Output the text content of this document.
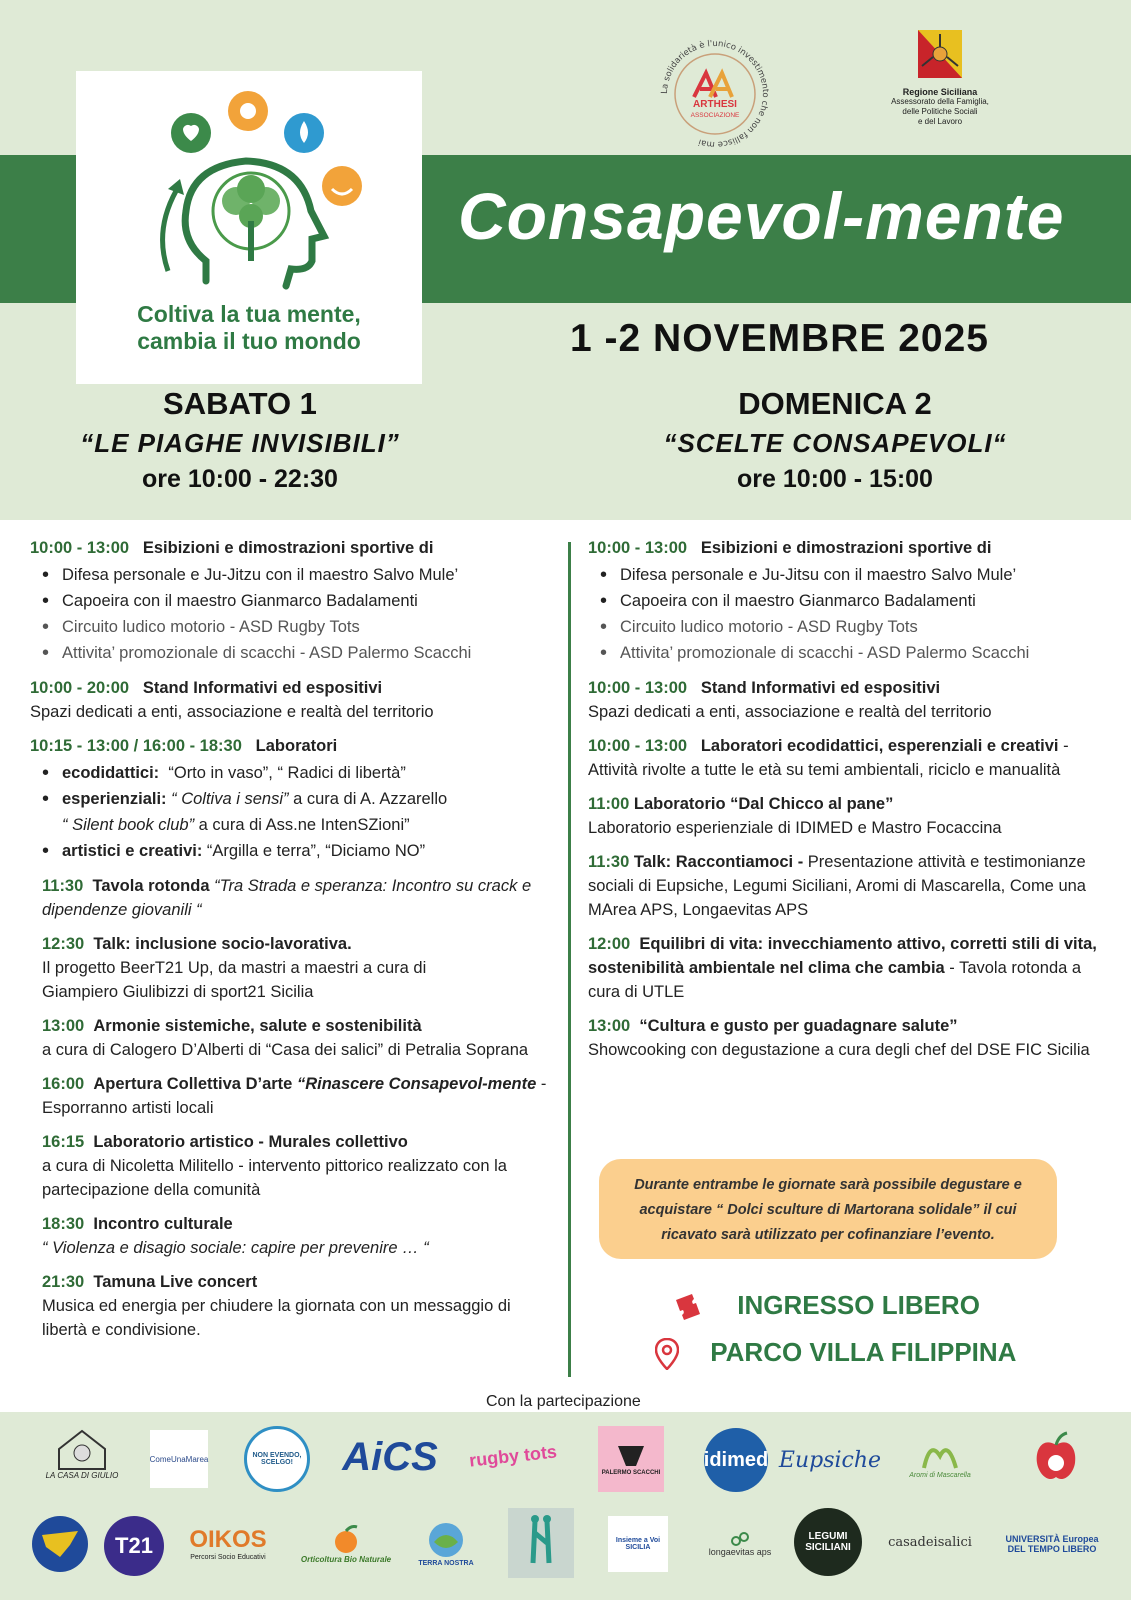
Consapevol-mente
Coltiva la tua mente,
cambia il tuo mondo
La solidarietà è l'unico investimento che non fallisce mai
ARTHESI
ASSOCIAZIONE
Regione Siciliana
Assessorato della Famiglia,
delle Politiche Sociali
e del Lavoro
1 -2 NOVEMBRE 2025
SABATO 1
“LE PIAGHE INVISIBILI”
ore 10:00 - 22:30
DOMENICA 2
“SCELTE CONSAPEVOLI“
ore 10:00 - 15:00
10:00 - 13:00 Esibizioni e dimostrazioni sportive di
• Difesa personale e Ju-Jitzu con il maestro Salvo Mule’
• Capoeira con il maestro Gianmarco Badalamenti
• Circuito ludico motorio - ASD Rugby Tots
• Attivita’ promozionale di scacchi - ASD Palermo Scacchi
10:00 - 20:00 Stand Informativi ed espositivi
Spazi dedicati a enti, associazione e realtà del territorio
10:15 - 13:00 / 16:00 - 18:30 Laboratori
• ecodidattici: “Orto in vaso”, “ Radici di libertà”
• esperienziali: “ Coltiva i sensi” a cura di A. Azzarello
“ Silent book club” a cura di Ass.ne IntenSZioni”
• artistici e creativi: “Argilla e terra”, “Diciamo NO”
11:30 Tavola rotonda “Tra Strada e speranza: Incontro su crack e dipendenze giovanili “
12:30 Talk: inclusione socio-lavorativa.
Il progetto BeerT21 Up, da mastri a maestri a cura di
Giampiero Giulibizzi di sport21 Sicilia
13:00 Armonie sistemiche, salute e sostenibilità
a cura di Calogero D’Alberti di “Casa dei salici” di Petralia Soprana
16:00 Apertura Collettiva D’arte “Rinascere Consapevol-mente - Esporranno artisti locali
16:15 Laboratorio artistico - Murales collettivo
a cura di Nicoletta Militello - intervento pittorico realizzato con la partecipazione della comunità
18:30 Incontro culturale
“ Violenza e disagio sociale: capire per prevenire … “
21:30 Tamuna Live concert
Musica ed energia per chiudere la giornata con un messaggio di libertà e condivisione.
10:00 - 13:00 Esibizioni e dimostrazioni sportive di
• Difesa personale e Ju-Jitsu con il maestro Salvo Mule’
• Capoeira con il maestro Gianmarco Badalamenti
• Circuito ludico motorio - ASD Rugby Tots
• Attivita’ promozionale di scacchi - ASD Palermo Scacchi
10:00 - 13:00 Stand Informativi ed espositivi
Spazi dedicati a enti, associazione e realtà del territorio
10:00 - 13:00 Laboratori ecodidattici, esperenziali e creativi - Attività rivolte a tutte le età su temi ambientali, riciclo e manualità
11:00 Laboratorio “Dal Chicco al pane”
Laboratorio esperienziale di IDIMED e Mastro Focaccina
11:30 Talk: Raccontiamoci - Presentazione attività e testimonianze sociali di Eupsiche, Legumi Siciliani, Aromi di Mascarella, Come una MArea APS, Longaevitas APS
12:00 Equilibri di vita: invecchiamento attivo, corretti stili di vita, sostenibilità ambientale nel clima che cambia - Tavola rotonda a cura di UTLE
13:00 “Cultura e gusto per guadagnare salute”
Showcooking con degustazione a cura degli chef del DSE FIC Sicilia
Durante entrambe le giornate sarà possibile degustare e acquistare “ Dolci sculture di Martorana solidale” il cui ricavato sarà utilizzato per cofinanziare l’evento.
INGRESSO LIBERO
PARCO VILLA FILIPPINA
Con la partecipazione
LA CASA DI GIULIO
ComeUnaMarea	NON EVENDO, SCELGO! AiCS rugby tots
PALERMO SCACCHI
idimed Eupsiche
Aromi di Mascarella
T21 OIKOS
Percorsi Socio Educativi	Orticoltura Bio Naturale	TERRA NOSTRA
Insieme a Voi SICILIA	longaevitas aps
LEGUMI SICILIANI	casadeisalici	UNIVERSITÀ Europea DEL TEMPO LIBERO
